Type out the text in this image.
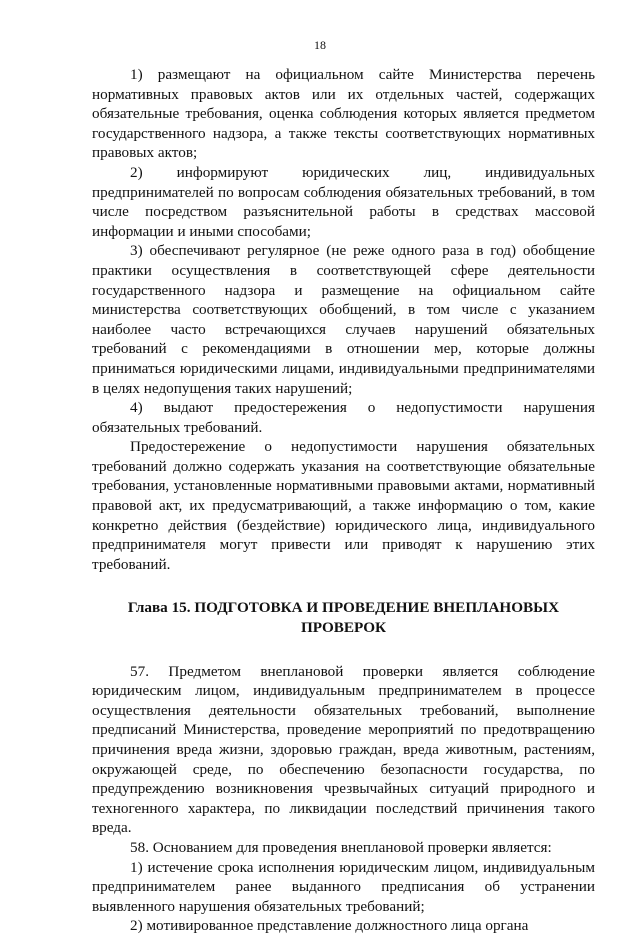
18

1) размещают на официальном сайте Министерства перечень нормативных правовых актов или их отдельных частей, содержащих обязательные требования, оценка соблюдения которых является предметом государственного надзора, а также тексты соответствующих нормативных правовых актов;

2) информируют юридических лиц, индивидуальных предпринимателей по вопросам соблюдения обязательных требований, в том числе посредством разъяснительной работы в средствах массовой информации и иными способами;

3) обеспечивают регулярное (не реже одного раза в год) обобщение практики осуществления в соответствующей сфере деятельности государственного надзора и размещение на официальном сайте министерства соответствующих обобщений, в том числе с указанием наиболее часто встречающихся случаев нарушений обязательных требований с рекомендациями в отношении мер, которые должны приниматься юридическими лицами, индивидуальными предпринимателями в целях недопущения таких нарушений;

4) выдают предостережения о недопустимости нарушения обязательных требований.

Предостережение о недопустимости нарушения обязательных требований должно содержать указания на соответствующие обязательные требования, установленные нормативными правовыми актами, нормативный правовой акт, их предусматривающий, а также информацию о том, какие конкретно действия (бездействие) юридического лица, индивидуального предпринимателя могут привести или приводят к нарушению этих требований.

Глава 15. ПОДГОТОВКА И ПРОВЕДЕНИЕ ВНЕПЛАНОВЫХ
ПРОВЕРОК

57. Предметом внеплановой проверки является соблюдение юридическим лицом, индивидуальным предпринимателем в процессе осуществления деятельности обязательных требований, выполнение предписаний Министерства, проведение мероприятий по предотвращению причинения вреда жизни, здоровью граждан, вреда животным, растениям, окружающей среде, по обеспечению безопасности государства, по предупреждению возникновения чрезвычайных ситуаций природного и техногенного характера, по ликвидации последствий причинения такого вреда.

58. Основанием для проведения внеплановой проверки является:

1) истечение срока исполнения юридическим лицом, индивидуальным предпринимателем ранее выданного предписания об устранении выявленного нарушения обязательных требований;

2) мотивированное представление должностного лица органа
